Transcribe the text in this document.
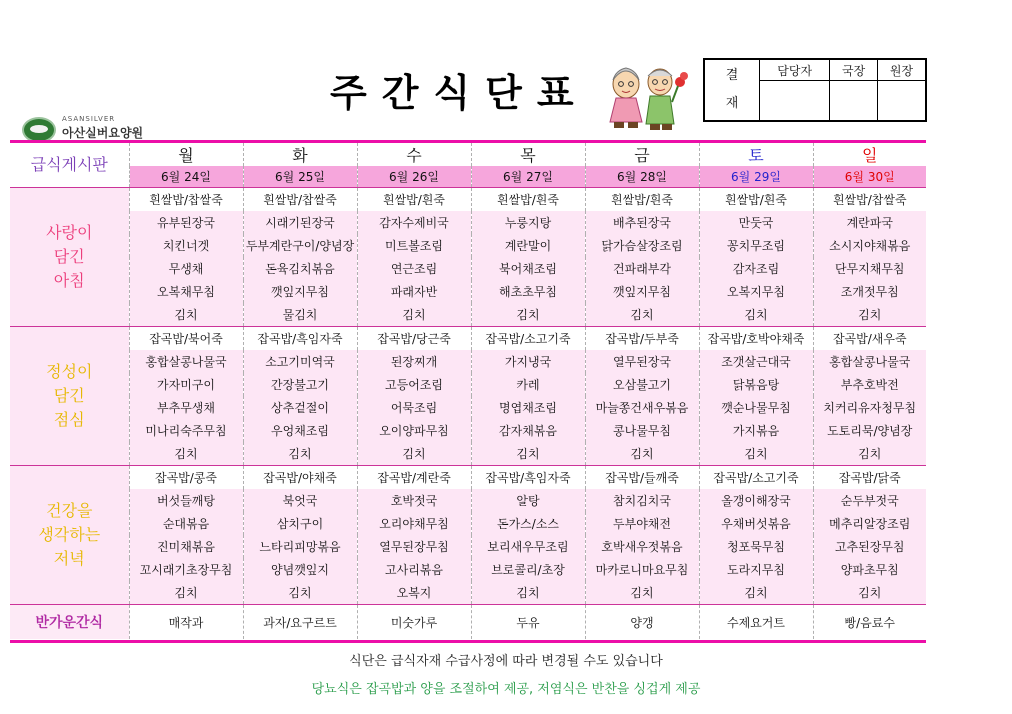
주간식단표
ASANSILVER
아산실버요양원
결
재	담당자	국장	원장

급식게시판	월	화	수	목	금	토	일
	6월 24일	6월 25일	6월 26일	6월 27일	6월 28일	6월 29일	6월 30일

사랑이
담긴
아침	흰쌀밥/찹쌀죽	흰쌀밥/찹쌀죽	흰쌀밥/흰죽	흰쌀밥/흰죽	흰쌀밥/흰죽	흰쌀밥/흰죽	흰쌀밥/찹쌀죽
	유부된장국	시래기된장국	감자수제비국	누룽지탕	배추된장국	만둣국	계란파국
	치킨너겟	두부계란구이/양념장	미트볼조림	계란말이	닭가슴살장조림	꽁치무조림	소시지야채볶음
	무생채	돈육김치볶음	연근조림	북어채조림	건파래부각	감자조림	단무지채무침
	오복채무침	깻잎지무침	파래자반	해초초무침	깻잎지무침	오복지무침	조개젓무침
	김치	물김치	김치	김치	김치	김치	김치

정성이
담긴
점심	잡곡밥/북어죽	잡곡밥/흑임자죽	잡곡밥/당근죽	잡곡밥/소고기죽	잡곡밥/두부죽	잡곡밥/호박야채죽	잡곡밥/새우죽
	홍합살콩나물국	소고기미역국	된장찌개	가지냉국	열무된장국	조갯살근대국	홍합살콩나물국
	가자미구이	간장불고기	고등어조림	카레	오삼불고기	닭볶음탕	부추호박전
	부추무생채	상추겉절이	어묵조림	명엽채조림	마늘쫑건새우볶음	깻순나물무침	치커리유자청무침
	미나리숙주무침	우엉채조림	오이양파무침	감자채볶음	콩나물무침	가지볶음	도토리묵/양념장
	김치	김치	김치	김치	김치	김치	김치

건강을
생각하는
저녁	잡곡밥/콩죽	잡곡밥/야채죽	잡곡밥/계란죽	잡곡밥/흑임자죽	잡곡밥/들깨죽	잡곡밥/소고기죽	잡곡밥/닭죽
	버섯들깨탕	북엇국	호박젓국	알탕	참치김치국	올갱이해장국	순두부젓국
	순대볶음	삼치구이	오리야채무침	돈가스/소스	두부야채전	우채버섯볶음	메추리알장조림
	진미채볶음	느타리피망볶음	열무된장무침	보리새우무조림	호박새우젓볶음	청포묵무침	고추된장무침
	꼬시래기초장무침	양념깻잎지	고사리볶음	브로콜리/초장	마카로니마요무침	도라지무침	양파초무침
	김치	김치	오복지	김치	김치	김치	김치
반가운간식	매작과	과자/요구르트	미숫가루	두유	양갱	수제요거트	빵/음료수
식단은 급식자재 수급사정에 따라 변경될 수도 있습니다
당뇨식은 잡곡밥과 양을 조절하여 제공, 저염식은 반찬을 싱겁게 제공
